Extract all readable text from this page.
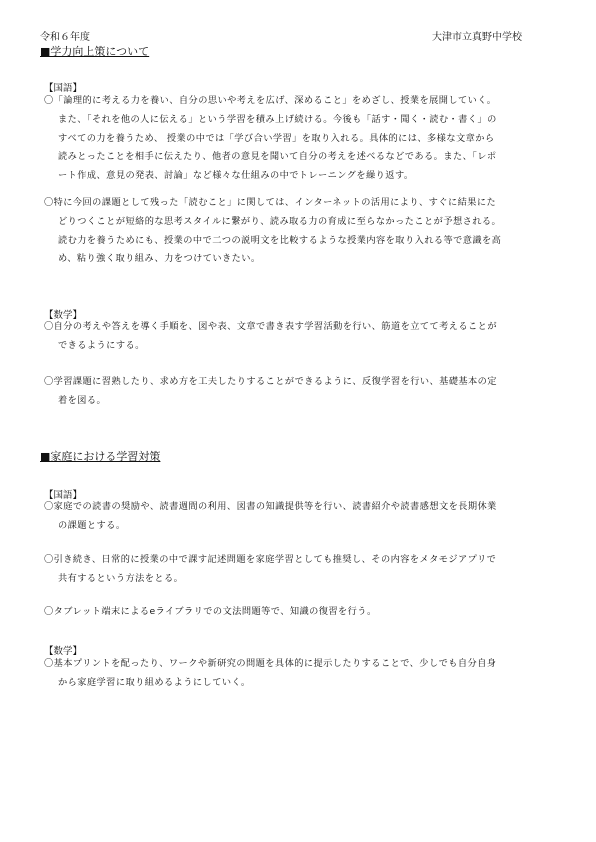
令和６年度	大津市立真野中学校
■学力向上策について
【国語】
〇「論理的に考える力を養い、自分の思いや考えを広げ、深めること」をめざし、授業を展開していく。
また、「それを他の人に伝える」という学習を積み上げ続ける。今後も「話す・聞く・読む・書く」の
すべての力を養うため、 授業の中では「学び合い学習」を取り入れる。具体的には、多様な文章から
読みとったことを相手に伝えたり、他者の意見を聞いて自分の考えを述べるなどである。また、「レポ
ート作成、意見の発表、討論」など様々な仕組みの中でトレーニングを繰り返す。
〇特に今回の課題として残った「読むこと」に関しては、インターネットの活用により、すぐに結果にた
どりつくことが短絡的な思考スタイルに繋がり、読み取る力の育成に至らなかったことが予想される。
読む力を養うためにも、授業の中で二つの説明文を比較するような授業内容を取り入れる等で意識を高
め、粘り強く取り組み、力をつけていきたい。
【数学】
〇自分の考えや答えを導く手順を、図や表、文章で書き表す学習活動を行い、筋道を立てて考えることが
できるようにする。
〇学習課題に習熟したり、求め方を工夫したりすることができるように、反復学習を行い、基礎基本の定
着を図る。
■家庭における学習対策
【国語】
〇家庭での読書の奨励や、読書週間の利用、図書の知識提供等を行い、読書紹介や読書感想文を長期休業
の課題とする。
〇引き続き、日常的に授業の中で課す記述問題を家庭学習としても推奨し、その内容をメタモジアプリで
共有するという方法をとる。
〇タブレット端末によるeライブラリでの文法問題等で、知識の復習を行う。
【数学】
〇基本プリントを配ったり、ワークや新研究の問題を具体的に提示したりすることで、少しでも自分自身
から家庭学習に取り組めるようにしていく。
